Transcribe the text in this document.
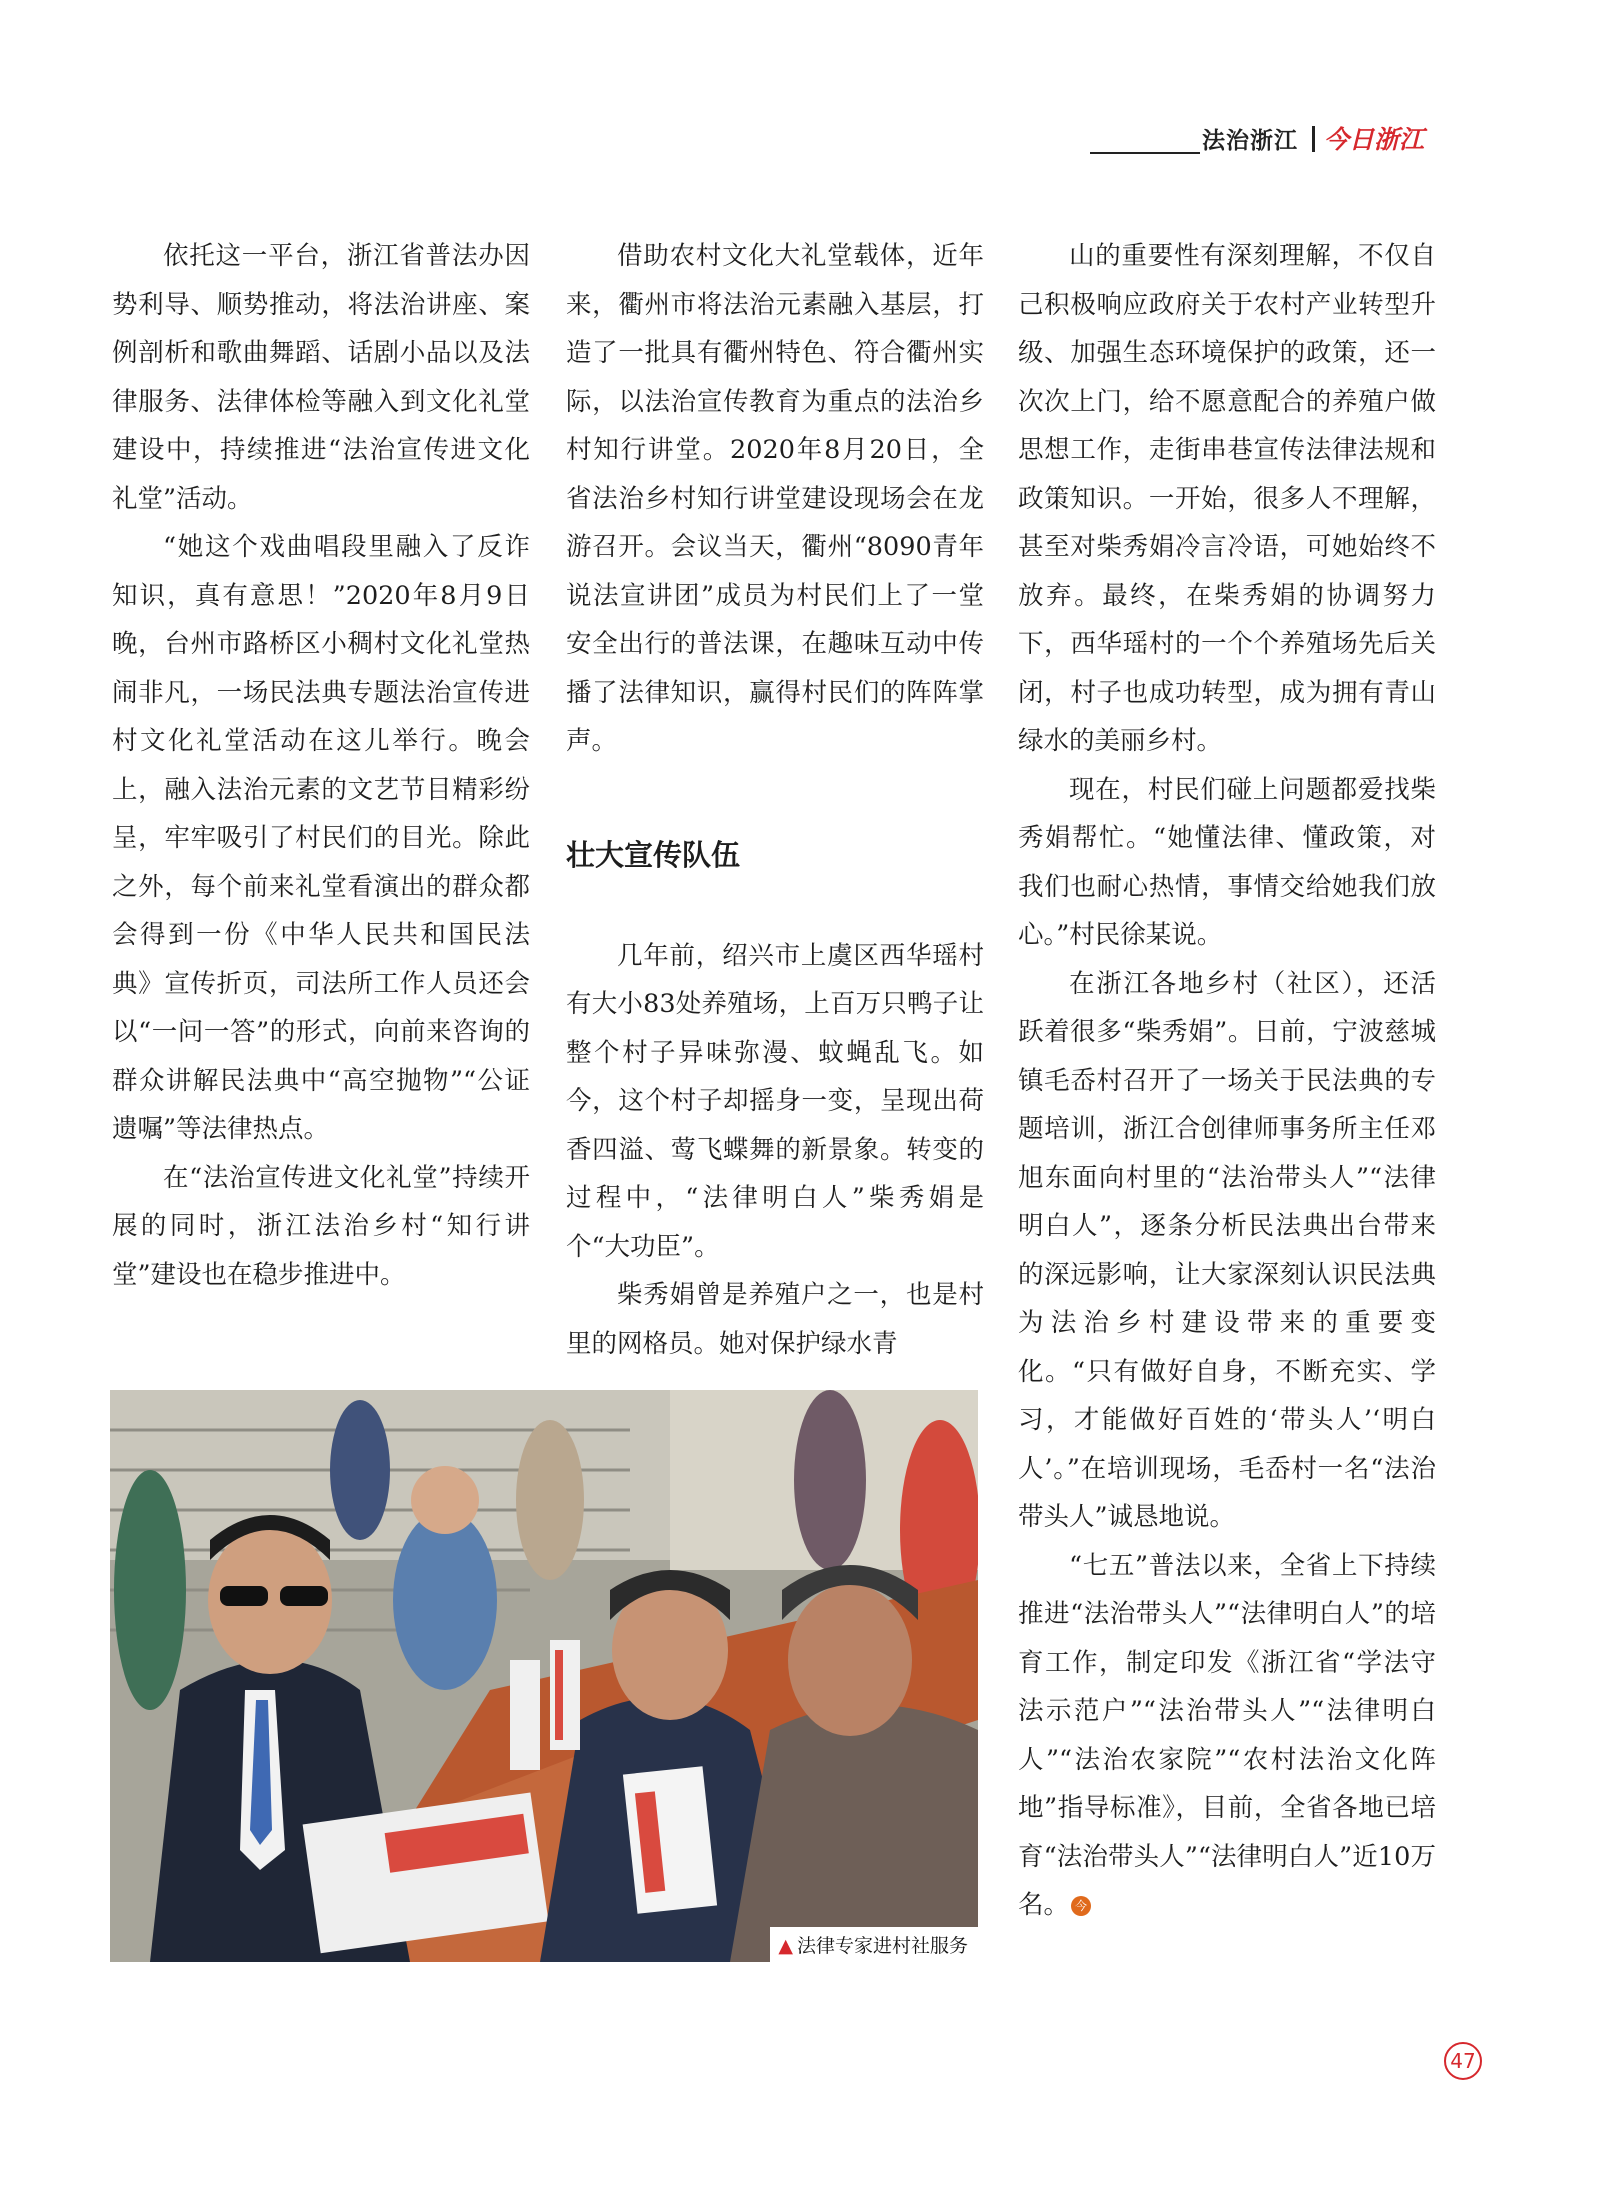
法治浙江 今日浙江

依托这一平台，浙江省普法办因势利导、顺势推动，将法治讲座、案例剖析和歌曲舞蹈、话剧小品以及法律服务、法律体检等融入到文化礼堂建设中，持续推进“法治宣传进文化礼堂”活动。

“她这个戏曲唱段里融入了反诈知识，真有意思！”2020年8月9日晚，台州市路桥区小稠村文化礼堂热闹非凡，一场民法典专题法治宣传进村文化礼堂活动在这儿举行。晚会上，融入法治元素的文艺节目精彩纷呈，牢牢吸引了村民们的目光。除此之外，每个前来礼堂看演出的群众都会得到一份《中华人民共和国民法典》宣传折页，司法所工作人员还会以“一问一答”的形式，向前来咨询的群众讲解民法典中“高空抛物”“公证遗嘱”等法律热点。

在“法治宣传进文化礼堂”持续开展的同时，浙江法治乡村“知行讲堂”建设也在稳步推进中。

借助农村文化大礼堂载体，近年来，衢州市将法治元素融入基层，打造了一批具有衢州特色、符合衢州实际，以法治宣传教育为重点的法治乡村知行讲堂。2020年8月20日，全省法治乡村知行讲堂建设现场会在龙游召开。会议当天，衢州“8090青年说法宣讲团”成员为村民们上了一堂安全出行的普法课，在趣味互动中传播了法律知识，赢得村民们的阵阵掌声。

壮大宣传队伍

几年前，绍兴市上虞区西华瑶村有大小83处养殖场，上百万只鸭子让整个村子异味弥漫、蚊蝇乱飞。如今，这个村子却摇身一变，呈现出荷香四溢、莺飞蝶舞的新景象。转变的过程中，“法律明白人”柴秀娟是个“大功臣”。

柴秀娟曾是养殖户之一，也是村里的网格员。她对保护绿水青

山的重要性有深刻理解，不仅自己积极响应政府关于农村产业转型升级、加强生态环境保护的政策，还一次次上门，给不愿意配合的养殖户做思想工作，走街串巷宣传法律法规和政策知识。一开始，很多人不理解，甚至对柴秀娟冷言冷语，可她始终不放弃。最终，在柴秀娟的协调努力下，西华瑶村的一个个养殖场先后关闭，村子也成功转型，成为拥有青山绿水的美丽乡村。

现在，村民们碰上问题都爱找柴秀娟帮忙。“她懂法律、懂政策，对我们也耐心热情，事情交给她我们放心。”村民徐某说。

在浙江各地乡村（社区），还活跃着很多“柴秀娟”。日前，宁波慈城镇毛岙村召开了一场关于民法典的专题培训，浙江合创律师事务所主任邓旭东面向村里的“法治带头人”“法律明白人”，逐条分析民法典出台带来的深远影响，让大家深刻认识民法典为法治乡村建设带来的重要变化。“只有做好自身，不断充实、学习，才能做好百姓的‘带头人’‘明白人’。”在培训现场，毛岙村一名“法治带头人”诚恳地说。

“七五”普法以来，全省上下持续推进“法治带头人”“法律明白人”的培育工作，制定印发《浙江省“学法守法示范户”“法治带头人”“法律明白人”“法治农家院”“农村法治文化阵地”指导标准》，目前，全省各地已培育“法治带头人”“法律明白人”近10万名。 今

▲ 法律专家进村社服务
47
